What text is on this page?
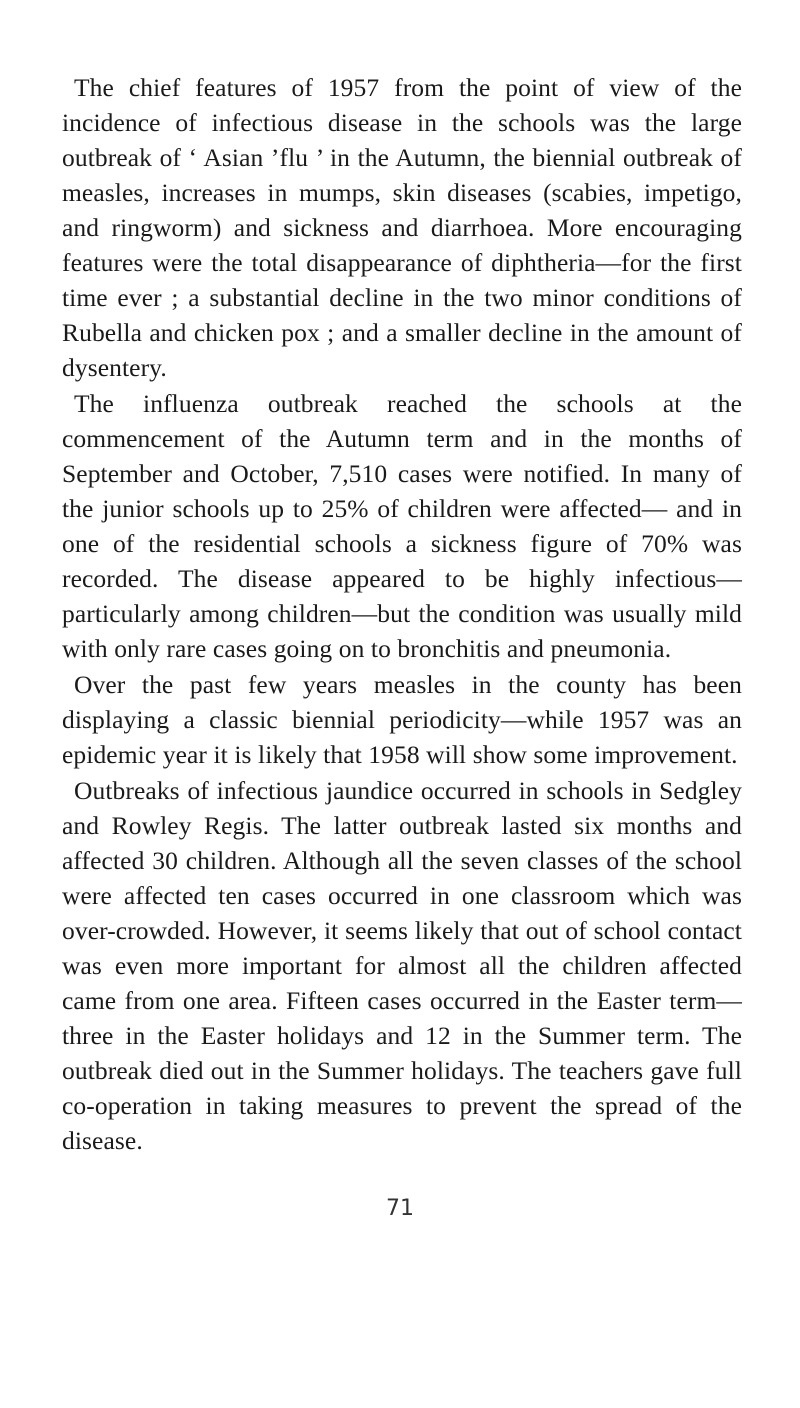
The chief features of 1957 from the point of view of the incidence of infectious disease in the schools was the large outbreak of ‘ Asian ’flu ’ in the Autumn, the biennial outbreak of measles, increases in mumps, skin diseases (scabies, impetigo, and ringworm) and sickness and diarrhoea. More encouraging features were the total disappearance of diphtheria—for the first time ever ; a substantial decline in the two minor conditions of Rubella and chicken pox ; and a smaller decline in the amount of dysentery.

The influenza outbreak reached the schools at the commencement of the Autumn term and in the months of September and October, 7,510 cases were notified. In many of the junior schools up to 25% of children were affected— and in one of the residential schools a sickness figure of 70% was recorded. The disease appeared to be highly infectious— particularly among children—but the condition was usually mild with only rare cases going on to bronchitis and pneumonia.

Over the past few years measles in the county has been displaying a classic biennial periodicity—while 1957 was an epidemic year it is likely that 1958 will show some improvement.

Outbreaks of infectious jaundice occurred in schools in Sedgley and Rowley Regis. The latter outbreak lasted six months and affected 30 children. Although all the seven classes of the school were affected ten cases occurred in one classroom which was over-crowded. However, it seems likely that out of school contact was even more important for almost all the children affected came from one area. Fifteen cases occurred in the Easter term—three in the Easter holidays and 12 in the Summer term. The outbreak died out in the Summer holidays. The teachers gave full co-operation in taking measures to prevent the spread of the disease.

71
